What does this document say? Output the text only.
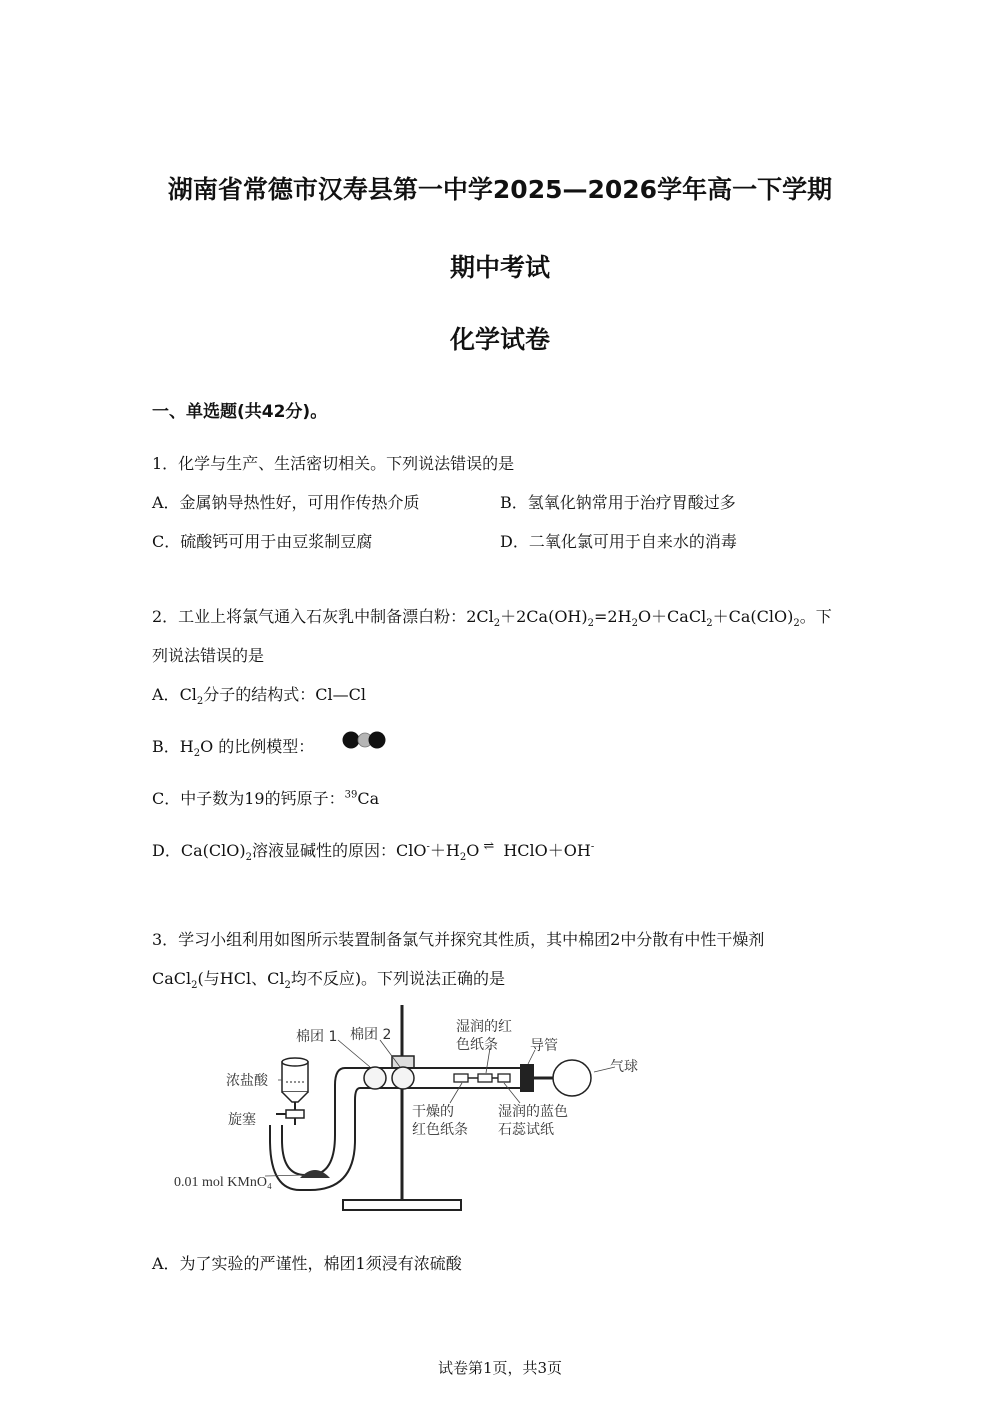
湖南省常德市汉寿县第一中学2025—2026学年高一下学期
期中考试
化学试卷
一、单选题(共42分)。
1．化学与生产、生活密切相关。下列说法错误的是
A．金属钠导热性好，可用作传热介质	B．氢氧化钠常用于治疗胃酸过多
C．硫酸钙可用于由豆浆制豆腐	D．二氧化氯可用于自来水的消毒
2．工业上将氯气通入石灰乳中制备漂白粉：$2Cl_2+2Ca(OH)_2=2H_2O+CaCl_2+Ca(ClO)_2$。下
列说法错误的是
A．$Cl_2$分子的结构式：Cl—Cl
B．$H_2O$ 的比例模型：
C．中子数为19的钙原子：$^{39}$Ca
D．$Ca(ClO)_2$溶液显碱性的原因：$ClO^-+H_2O$ ⇌ HClO＋OH-
3．学习小组利用如图所示装置制备氯气并探究其性质，其中棉团2中分散有中性干燥剂
CaCl$_2$(与HCl、$Cl_2$均不反应)。下列说法正确的是
棉团 1 棉团 2	湿润的红
色纸条 导管
气球
浓盐酸
旋塞	干燥的
红色纸条
湿润的蓝色
石蕊试纸
0.01 mol KMnO₄
A．为了实验的严谨性，棉团1须浸有浓硫酸
试卷第1页，共3页
